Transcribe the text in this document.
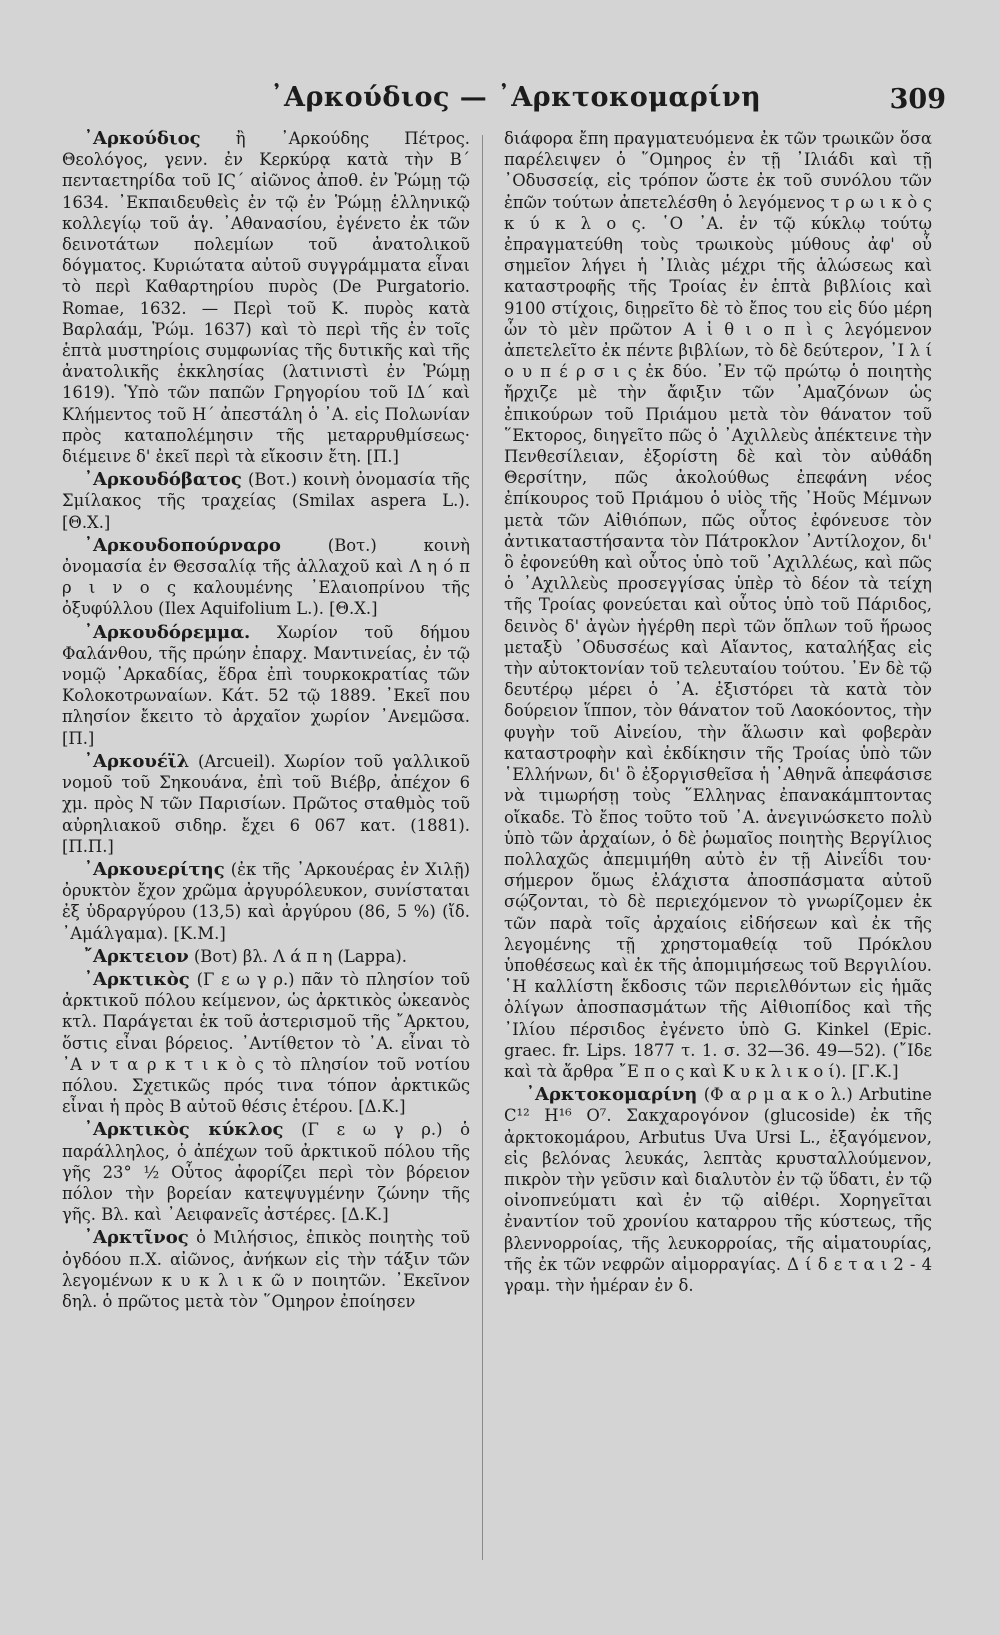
᾿Αρκούδιος — ᾿Αρκτοκομαρίνη	309

᾿Αρκούδιος ἢ ᾿Αρκούδης Πέτρος. Θεολόγος, γενν. ἐν Κερκύρᾳ κατὰ τὴν Β΄ πενταετηρίδα τοῦ ΙϚ΄ αἰῶνος ἀποθ. ἐν Ῥώμῃ τῷ 1634. ᾿Εκπαιδευθεὶς ἐν τῷ ἐν Ῥώμῃ ἑλληνικῷ κολλεγίῳ τοῦ ἁγ. ᾿Αθανασίου, ἐγένετο ἐκ τῶν δεινοτάτων πολεμίων τοῦ ἀνατολικοῦ δόγματος. Κυριώτατα αὐτοῦ συγγράμματα εἶναι τὸ περὶ Καθαρτηρίου πυρὸς (De Purgatorio. Romae, 1632. — Περὶ τοῦ Κ. πυρὸς κατὰ Βαρλαάμ, Ῥώμ. 1637) καὶ τὸ περὶ τῆς ἐν τοῖς ἑπτὰ μυστηρίοις συμφωνίας τῆς δυτικῆς καὶ τῆς ἀνατολικῆς ἐκκλησίας (λατινιστὶ ἐν Ῥώμῃ 1619). Ὑπὸ τῶν παπῶν Γρηγορίου τοῦ ΙΔ΄ καὶ Κλήμεντος τοῦ Η΄ ἀπεστάλη ὁ ᾿Α. εἰς Πολωνίαν πρὸς καταπολέμησιν τῆς μεταρρυθμίσεως· διέμεινε δ' ἐκεῖ περὶ τὰ εἴκοσιν ἔτη. [Π.]

᾿Αρκουδόβατος (Βοτ.) κοινὴ ὀνομασία τῆς Σμίλακος τῆς τραχείας (Smilax aspera L.). [Θ.Χ.]

᾿Αρκουδοπούρναρο	(Βοτ.) κοινὴ ὀνομασία ἐν Θεσσαλίᾳ τῆς ἀλλαχοῦ καὶ Λ η ό π ρ ι ν ο ς καλουμένης ᾿Ελαιοπρίνου τῆς ὀξυφύλλου (Ilex Aquifolium L.). [Θ.Χ.]

᾿Αρκουδόρεμμα. Χωρίον τοῦ δήμου Φαλάνθου, τῆς πρώην ἐπαρχ. Μαντινείας, ἐν τῷ νομῷ ᾿Αρκαδίας, ἕδρα ἐπὶ τουρκοκρατίας τῶν Κολοκοτρωναίων. Κάτ. 52 τῷ 1889. ᾿Εκεῖ που πλησίον ἔκειτο τὸ ἀρχαῖον χωρίον ᾿Ανεμῶσα. [Π.]

᾿Αρκουέϊλ (Arcueil). Χωρίον τοῦ γαλλικοῦ νομοῦ τοῦ Σηκουάνα, ἐπὶ τοῦ Βιέβρ, ἀπέχον 6 χμ. πρὸς Ν τῶν Παρισίων. Πρῶτος σταθμὸς τοῦ αὐρηλιακοῦ σιδηρ. ἔχει 6 067 κατ. (1881). [Π.Π.]

᾿Αρκουερίτης (ἐκ τῆς ᾿Αρκουέρας ἐν Χιλῇ) ὀρυκτὸν ἔχον χρῶμα ἀργυρόλευκον, συνίσταται ἐξ ὑδραργύρου (13,5) καὶ ἀργύρου (86, 5 %) (ἴδ. ᾿Αμάλγαμα). [Κ.Μ.]

῎Αρκτειον (Βοτ) βλ. Λ ά π η (Lappa).

᾿Αρκτικὸς (Γ ε ω γ ρ.) πᾶν τὸ πλησίον τοῦ ἀρκτικοῦ πόλου κείμενον, ὡς ἀρκτικὸς ὠκεανὸς κτλ. Παράγεται ἐκ τοῦ ἀστερισμοῦ τῆς ῎Αρκτου, ὅστις εἶναι βόρειος. ᾿Αντίθετον τὸ ᾿Α. εἶναι τὸ ᾿Α ν τ α ρ κ τ ι κ ὸ ς τὸ πλησίον τοῦ νοτίου πόλου. Σχετικῶς πρός τινα τόπον ἀρκτικῶς εἶναι ἡ πρὸς Β αὐτοῦ θέσις ἑτέρου. [Δ.Κ.]

᾿Αρκτικὸς κύκλος (Γ ε ω γ ρ.) ὁ παράλληλος, ὁ ἀπέχων τοῦ ἀρκτικοῦ πόλου τῆς γῆς 23° ½ Οὗτος ἀφορίζει περὶ τὸν βόρειον πόλον τὴν βορείαν κατεψυγμένην ζώνην τῆς γῆς. Βλ. καὶ ᾿Αειφανεῖς ἀστέρες. [Δ.Κ.]

᾿Αρκτῖνος ὁ Μιλήσιος, ἐπικὸς ποιητὴς τοῦ ὀγδόου π.Χ. αἰῶνος, ἀνήκων εἰς τὴν τάξιν τῶν λεγομένων κ υ κ λ ι κ ῶ ν ποιητῶν. ᾿Εκεῖνον δηλ. ὁ πρῶτος μετὰ τὸν ῞Ομηρον ἐποίησεν

διάφορα ἔπη πραγματευόμενα ἐκ τῶν τρωικῶν ὅσα παρέλειψεν ὁ ῞Ομηρος ἐν τῇ ᾿Ιλιάδι καὶ τῇ ᾿Οδυσσείᾳ, εἰς τρόπον ὥστε ἐκ τοῦ συνόλου τῶν ἐπῶν τούτων ἀπετελέσθη ὁ λεγόμενος τ ρ ω ι κ ὸ ς κ ύ κ λ ο ς. ῾Ο ᾿Α. ἐν τῷ κύκλῳ τούτῳ ἐπραγματεύθη τοὺς τρωικοὺς μύθους ἀφ' οὗ σημεῖον λήγει ἡ ᾿Ιλιὰς μέχρι τῆς ἁλώσεως καὶ καταστροφῆς τῆς Τροίας ἐν ἑπτὰ βιβλίοις καὶ 9100 στίχοις, διῃρεῖτο δὲ τὸ ἔπος του εἰς δύο μέρη ὧν τὸ μὲν πρῶτον Α ἰ θ ι ο π ὶ ς λεγόμενον ἀπετελεῖτο ἐκ πέντε βιβλίων, τὸ δὲ δεύτερον, ᾿Ι λ ί ο υ π έ ρ σ ι ς ἐκ δύο. ᾿Εν τῷ πρώτῳ ὁ ποιητὴς ἤρχιζε μὲ τὴν ἄφιξιν τῶν ᾿Αμαζόνων ὡς ἐπικούρων τοῦ Πριάμου μετὰ τὸν θάνατον τοῦ ῞Εκτορος, διηγεῖτο πῶς ὁ ᾿Αχιλλεὺς ἀπέκτεινε τὴν Πενθεσίλειαν, ἐξορίστη δὲ καὶ τὸν αὐθάδη Θερσίτην, πῶς ἀκολούθως ἐπεφάνη νέος ἐπίκουρος τοῦ Πριάμου ὁ υἱὸς τῆς ᾿Ηοῦς Μέμνων μετὰ τῶν Αἰθιόπων, πῶς οὗτος ἐφόνευσε τὸν ἀντικαταστήσαντα τὸν Πάτροκλον ᾿Αντίλοχον, δι' ὃ ἐφονεύθη καὶ οὗτος ὑπὸ τοῦ ᾿Αχιλλέως, καὶ πῶς ὁ ᾿Αχιλλεὺς προσεγγίσας ὑπὲρ τὸ δέον τὰ τείχη τῆς Τροίας φονεύεται καὶ οὗτος ὑπὸ τοῦ Πάριδος, δεινὸς δ' ἀγὼν ἠγέρθη περὶ τῶν ὅπλων τοῦ ἥρωος μεταξὺ ᾿Οδυσσέως καὶ Αἴαντος, καταλήξας εἰς τὴν αὐτοκτονίαν τοῦ τελευταίου τούτου. ᾿Εν δὲ τῷ δευτέρῳ μέρει ὁ ᾿Α. ἐξιστόρει τὰ κατὰ τὸν δούρειον ἵππον, τὸν θάνατον τοῦ Λαοκόοντος, τὴν φυγὴν τοῦ Αἰνείου, τὴν ἅλωσιν καὶ φοβερὰν καταστροφὴν καὶ ἐκδίκησιν τῆς Τροίας ὑπὸ τῶν ῾Ελλήνων, δι' ὃ ἐξοργισθεῖσα ἡ ᾿Αθηνᾶ ἀπεφάσισε νὰ τιμωρήσῃ τοὺς ῞Ελληνας ἐπανακάμπτοντας οἴκαδε. Τὸ ἔπος τοῦτο τοῦ ᾿Α. ἀνεγινώσκετο πολὺ ὑπὸ τῶν ἀρχαίων, ὁ δὲ ῥωμαῖος ποιητὴς Βεργίλιος πολλαχῶς ἀπεμιμήθη αὐτὸ ἐν τῇ Αἰνεΐδι του· σήμερον ὅμως ἐλάχιστα ἀποσπάσματα αὐτοῦ σῴζονται, τὸ δὲ περιεχόμενον τὸ γνωρίζομεν ἐκ τῶν παρὰ τοῖς ἀρχαίοις εἰδήσεων καὶ ἐκ τῆς λεγομένης τῇ χρηστομαθείᾳ τοῦ Πρόκλου ὑποθέσεως καὶ ἐκ τῆς ἀπομιμήσεως τοῦ Βεργιλίου. ῾Η καλλίστη ἔκδοσις τῶν περιελθόντων εἰς ἡμᾶς ὀλίγων ἀποσπασμάτων τῆς Αἰθιοπίδος καὶ τῆς ᾿Ιλίου πέρσιδος ἐγένετο ὑπὸ G. Kinkel (Epic. graec. fr. Lips. 1877 τ. 1. σ. 32—36. 49—52). (῎Ιδε καὶ τὰ ἄρθρα ῎Ε π ο ς καὶ Κ υ κ λ ι κ ο ί). [Γ.Κ.]

᾿Αρκτοκομαρίνη (Φ α ρ μ α κ ο λ.) Arbutine C¹² H¹⁶ O⁷. Σακχαρογόνον (glucoside) ἐκ τῆς ἀρκτοκομάρου, Arbutus Uva Ursi L., ἐξαγόμενον, εἰς βελόνας λευκάς, λεπτὰς κρυσταλλούμενον, πικρὸν τὴν γεῦσιν καὶ διαλυτὸν ἐν τῷ ὕδατι, ἐν τῷ οἰνοπνεύματι καὶ ἐν τῷ αἰθέρι. Χορηγεῖται ἐναντίον τοῦ χρονίου καταρρου τῆς κύστεως, τῆς βλεννορροίας, τῆς λευκορροίας, τῆς αἱματουρίας, τῆς ἐκ τῶν νεφρῶν αἱμορραγίας. Δ ί δ ε τ α ι 2 - 4 γραμ. τὴν ἡμέραν ἐν δ.
